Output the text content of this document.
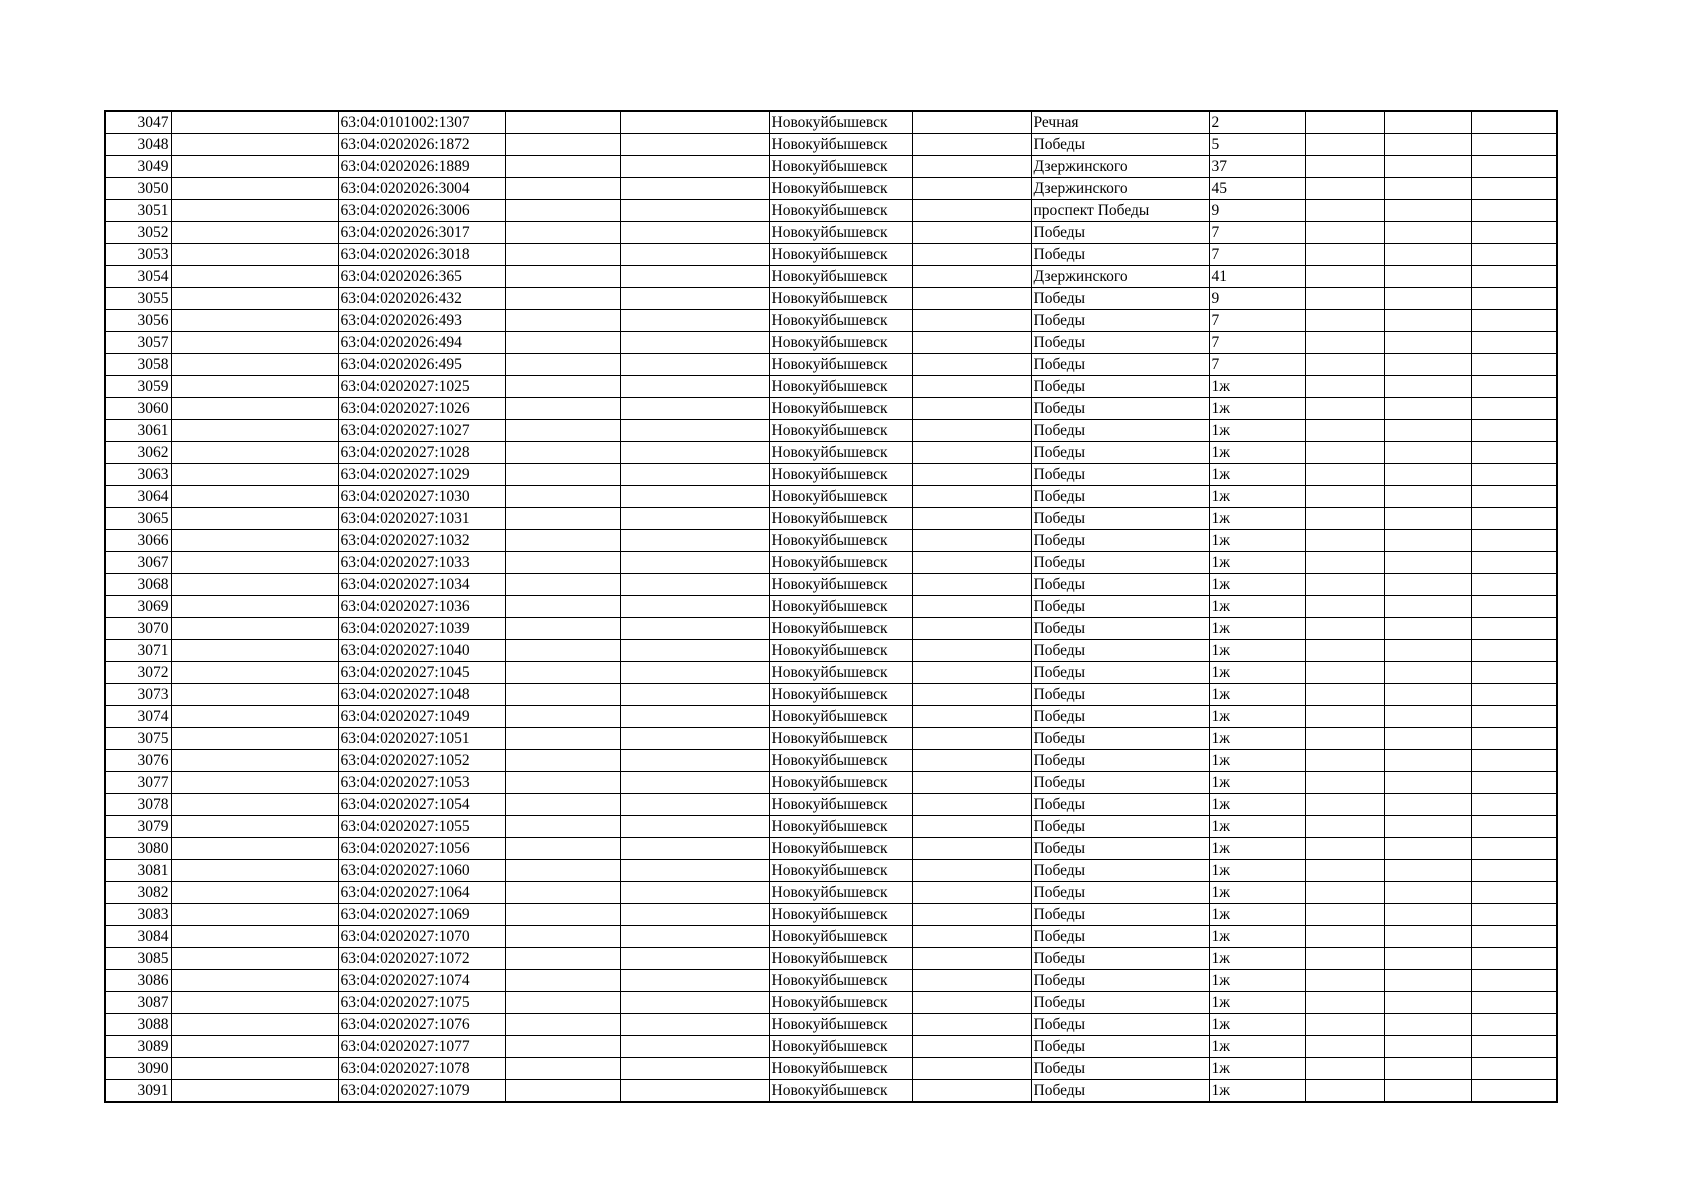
3047		63:04:0101002:1307			Новокуйбышевск		Речная	2			
3048		63:04:0202026:1872			Новокуйбышевск		Победы	5			
3049		63:04:0202026:1889			Новокуйбышевск		Дзержинского	37			
3050		63:04:0202026:3004			Новокуйбышевск		Дзержинского	45			
3051		63:04:0202026:3006			Новокуйбышевск		проспект Победы	9			
3052		63:04:0202026:3017			Новокуйбышевск		Победы	7			
3053		63:04:0202026:3018			Новокуйбышевск		Победы	7			
3054		63:04:0202026:365			Новокуйбышевск		Дзержинского	41			
3055		63:04:0202026:432			Новокуйбышевск		Победы	9			
3056		63:04:0202026:493			Новокуйбышевск		Победы	7			
3057		63:04:0202026:494			Новокуйбышевск		Победы	7			
3058		63:04:0202026:495			Новокуйбышевск		Победы	7			
3059		63:04:0202027:1025			Новокуйбышевск		Победы	1ж			
3060		63:04:0202027:1026			Новокуйбышевск		Победы	1ж			
3061		63:04:0202027:1027			Новокуйбышевск		Победы	1ж			
3062		63:04:0202027:1028			Новокуйбышевск		Победы	1ж			
3063		63:04:0202027:1029			Новокуйбышевск		Победы	1ж			
3064		63:04:0202027:1030			Новокуйбышевск		Победы	1ж			
3065		63:04:0202027:1031			Новокуйбышевск		Победы	1ж			
3066		63:04:0202027:1032			Новокуйбышевск		Победы	1ж			
3067		63:04:0202027:1033			Новокуйбышевск		Победы	1ж			
3068		63:04:0202027:1034			Новокуйбышевск		Победы	1ж			
3069		63:04:0202027:1036			Новокуйбышевск		Победы	1ж			
3070		63:04:0202027:1039			Новокуйбышевск		Победы	1ж			
3071		63:04:0202027:1040			Новокуйбышевск		Победы	1ж			
3072		63:04:0202027:1045			Новокуйбышевск		Победы	1ж			
3073		63:04:0202027:1048			Новокуйбышевск		Победы	1ж			
3074		63:04:0202027:1049			Новокуйбышевск		Победы	1ж			
3075		63:04:0202027:1051			Новокуйбышевск		Победы	1ж			
3076		63:04:0202027:1052			Новокуйбышевск		Победы	1ж			
3077		63:04:0202027:1053			Новокуйбышевск		Победы	1ж			
3078		63:04:0202027:1054			Новокуйбышевск		Победы	1ж			
3079		63:04:0202027:1055			Новокуйбышевск		Победы	1ж			
3080		63:04:0202027:1056			Новокуйбышевск		Победы	1ж			
3081		63:04:0202027:1060			Новокуйбышевск		Победы	1ж			
3082		63:04:0202027:1064			Новокуйбышевск		Победы	1ж			
3083		63:04:0202027:1069			Новокуйбышевск		Победы	1ж			
3084		63:04:0202027:1070			Новокуйбышевск		Победы	1ж			
3085		63:04:0202027:1072			Новокуйбышевск		Победы	1ж			
3086		63:04:0202027:1074			Новокуйбышевск		Победы	1ж			
3087		63:04:0202027:1075			Новокуйбышевск		Победы	1ж			
3088		63:04:0202027:1076			Новокуйбышевск		Победы	1ж			
3089		63:04:0202027:1077			Новокуйбышевск		Победы	1ж			
3090		63:04:0202027:1078			Новокуйбышевск		Победы	1ж			
3091		63:04:0202027:1079			Новокуйбышевск		Победы	1ж			
